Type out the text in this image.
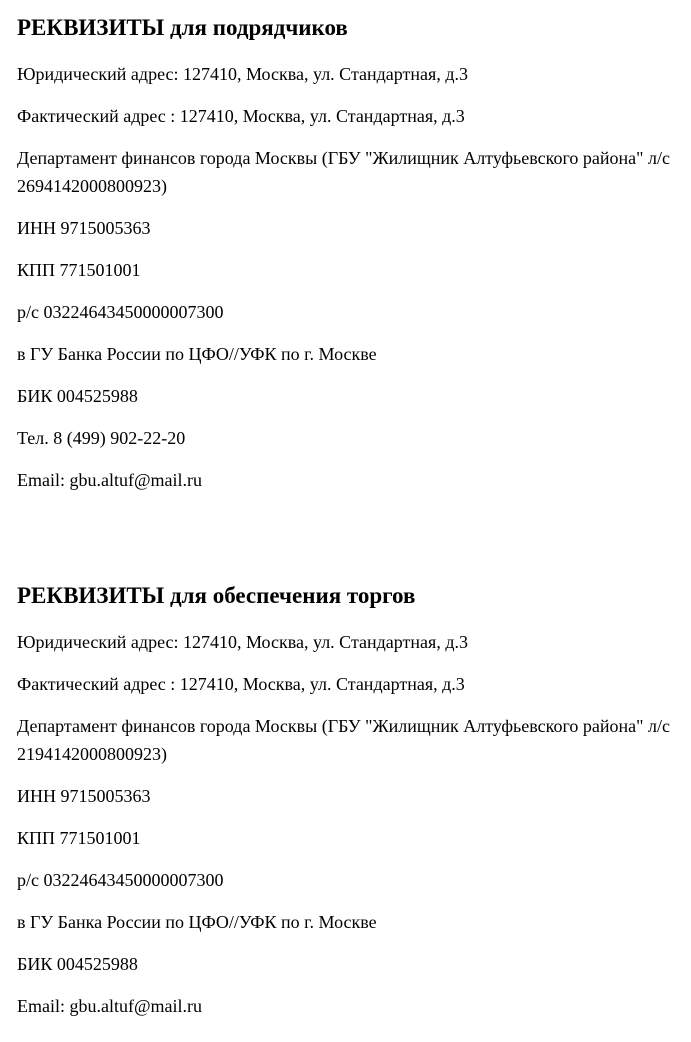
РЕКВИЗИТЫ для подрядчиков

Юридический адрес: 127410, Москва, ул. Стандартная, д.3

Фактический адрес : 127410, Москва, ул. Стандартная, д.3

Департамент финансов города Москвы (ГБУ "Жилищник Алтуфьевского района" л/с 2694142000800923)

ИНН 9715005363

КПП 771501001

р/с 03224643450000007300

в ГУ Банка России по ЦФО//УФК по г. Москве

БИК 004525988

Тел. 8 (499) 902-22-20

Email: gbu.altuf@mail.ru

РЕКВИЗИТЫ для обеспечения торгов

Юридический адрес: 127410, Москва, ул. Стандартная, д.3

Фактический адрес : 127410, Москва, ул. Стандартная, д.3

Департамент финансов города Москвы (ГБУ "Жилищник Алтуфьевского района" л/с 2194142000800923)

ИНН 9715005363

КПП 771501001

р/с 03224643450000007300

в ГУ Банка России по ЦФО//УФК по г. Москве

БИК 004525988

Email: gbu.altuf@mail.ru
